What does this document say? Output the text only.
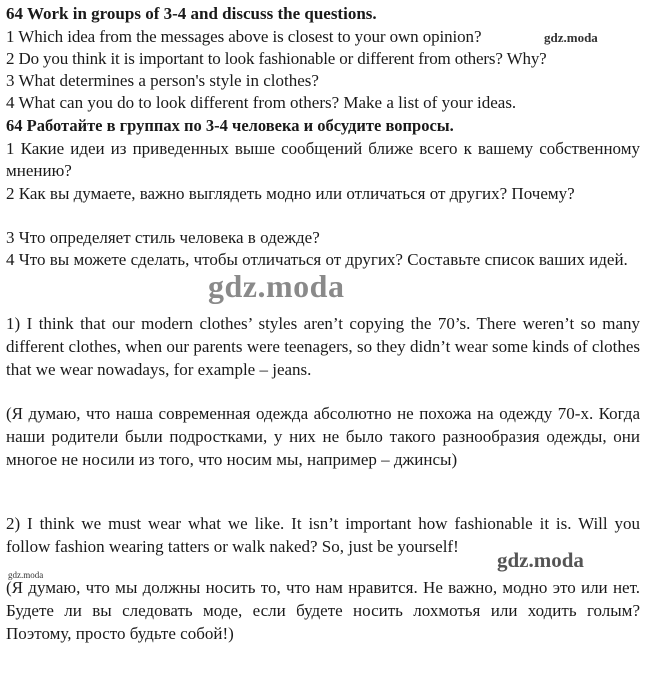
64 Work in groups of 3-4 and discuss the questions.
1 Which idea from the messages above is closest to your own opinion?
2 Do you think it is important to look fashionable or different from others? Why?
3 What determines a person's style in clothes?
4 What can you do to look different from others? Make a list of your ideas.
64 Работайте в группах по 3-4 человека и обсудите вопросы.
1 Какие идеи из приведенных выше сообщений ближе всего к вашему собственному мнению?
2 Как вы думаете, важно выглядеть модно или отличаться от других? Почему?
3 Что определяет стиль человека в одежде?
4 Что вы можете сделать, чтобы отличаться от других? Составьте список ваших идей.
1) I think that our modern clothes’ styles aren’t copying the 70’s. There weren’t so many different clothes, when our parents were teenagers, so they didn’t wear some kinds of clothes that we wear nowadays, for example – jeans.
(Я думаю, что наша современная одежда абсолютно не похожа на одежду 70-х. Когда наши родители были подростками, у них не было такого разнообразия одежды, они многое не носили из того, что носим мы, например – джинсы)
2) I think we must wear what we like. It isn’t important how fashionable it is. Will you follow fashion wearing tatters or walk naked? So, just be yourself!
(Я думаю, что мы должны носить то, что нам нравится. Не важно, модно это или нет. Будете ли вы следовать моде, если будете носить лохмотья или ходить голым? Поэтому, просто будьте собой!)
gdz.moda
gdz.moda
gdz.moda
gdz.moda
